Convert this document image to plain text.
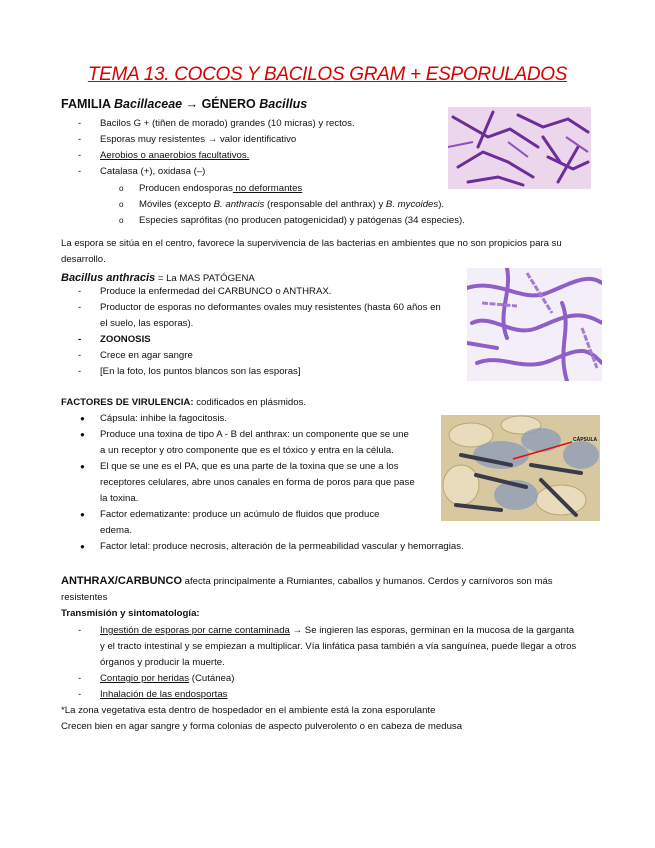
TEMA 13. COCOS Y BACILOS GRAM + ESPORULADOS
FAMILIA Bacillaceae → GÉNERO Bacillus
- Bacilos G + (tiñen de morado) grandes (10 micras) y rectos.
- Esporas muy resistentes → valor identificativo
- Aerobios o anaerobios facultativos.
- Catalasa (+), oxidasa (–)
o Producen endosporas no deformantes
o Móviles (excepto B. anthracis (responsable del anthrax) y B. mycoides).
o Especies saprófitas (no producen patogenicidad) y patógenas (34 especies).
La espora se sitúa en el centro, favorece la supervivencia de las bacterias en ambientes que no son propicios para su desarrollo.
Bacillus anthracis = La MAS PATÓGENA
- Produce la enfermedad del CARBUNCO o ANTHRAX.
- Productor de esporas no deformantes ovales muy resistentes (hasta 60 años en
el suelo, las esporas).
- ZOONOSIS
- Crece en agar sangre
- [En la foto, los puntos blancos son las esporas]
FACTORES DE VIRULENCIA: codificados en plásmidos.
● Cápsula: inhibe la fagocitosis.
● Produce una toxina de tipo A - B del anthrax: un componente que se une
a un receptor y otro componente que es el tóxico y entra en la célula.
● El que se une es el PA, que es una parte de la toxina que se une a los
receptores celulares, abre unos canales en forma de poros para que pase
la toxina.
● Factor edematizante: produce un acúmulo de fluidos que produce
edema.
● Factor letal: produce necrosis, alteración de la permeabilidad vascular y hemorragias.
CÁPSULA
ANTHRAX/CARBUNCO afecta principalmente a Rumiantes, caballos y humanos. Cerdos y carnívoros son más
resistentes
Transmisión y sintomatología:
- Ingestión de esporas por carne contaminada → Se ingieren las esporas, germinan en la mucosa de la garganta
y el tracto intestinal y se empiezan a multiplicar. Vía linfática pasa también a vía sanguínea, puede llegar a otros
órganos y producir la muerte.
- Contagio por heridas (Cutánea)
- Inhalación de las endosportas
*La zona vegetativa esta dentro de hospedador en el ambiente está la zona esporulante
Crecen bien en agar sangre y forma colonias de aspecto pulverolento o en cabeza de medusa
